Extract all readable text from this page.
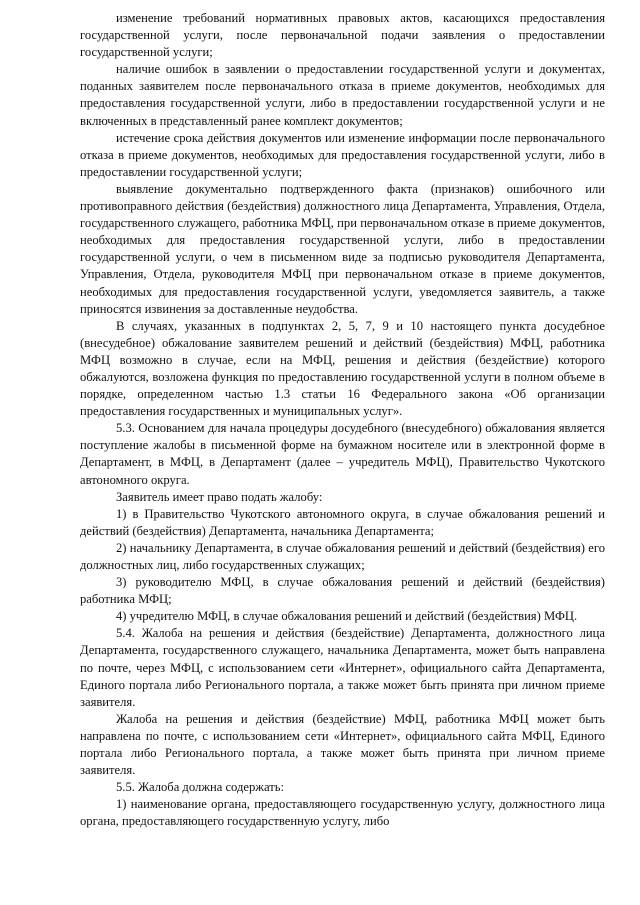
изменение требований нормативных правовых актов, касающихся предоставления государственной услуги, после первоначальной подачи заявления о предоставлении государственной услуги;

наличие ошибок в заявлении о предоставлении государственной услуги и документах, поданных заявителем после первоначального отказа в приеме документов, необходимых для предоставления государственной услуги, либо в предоставлении государственной услуги и не включенных в представленный ранее комплект документов;

истечение срока действия документов или изменение информации после первоначального отказа в приеме документов, необходимых для предоставления государственной услуги, либо в предоставлении государственной услуги;

выявление документально подтвержденного факта (признаков) ошибочного или противоправного действия (бездействия) должностного лица Департамента, Управления, Отдела, государственного служащего, работника МФЦ, при первоначальном отказе в приеме документов, необходимых для предоставления государственной услуги, либо в предоставлении государственной услуги, о чем в письменном виде за подписью руководителя Департамента, Управления, Отдела, руководителя МФЦ при первоначальном отказе в приеме документов, необходимых для предоставления государственной услуги, уведомляется заявитель, а также приносятся извинения за доставленные неудобства.

В случаях, указанных в подпунктах 2, 5, 7, 9 и 10 настоящего пункта досудебное (внесудебное) обжалование заявителем решений и действий (бездействия) МФЦ, работника МФЦ возможно в случае, если на МФЦ, решения и действия (бездействие) которого обжалуются, возложена функция по предоставлению государственной услуги в полном объеме в порядке, определенном частью 1.3 статьи 16 Федерального закона «Об организации предоставления государственных и муниципальных услуг».

5.3. Основанием для начала процедуры досудебного (внесудебного) обжалования является поступление жалобы в письменной форме на бумажном носителе или в электронной форме в Департамент, в МФЦ, в Департамент (далее – учредитель МФЦ), Правительство Чукотского автономного округа.

Заявитель имеет право подать жалобу:

1) в Правительство Чукотского автономного округа, в случае обжалования решений и действий (бездействия) Департамента, начальника Департамента;

2) начальнику Департамента, в случае обжалования решений и действий (бездействия) его должностных лиц, либо государственных служащих;

3) руководителю МФЦ, в случае обжалования решений и действий (бездействия) работника МФЦ;

4) учредителю МФЦ, в случае обжалования решений и действий (бездействия) МФЦ.

5.4. Жалоба на решения и действия (бездействие) Департамента, должностного лица Департамента, государственного служащего, начальника Департамента, может быть направлена по почте, через МФЦ, с использованием сети «Интернет», официального сайта Департамента, Единого портала либо Регионального портала, а также может быть принята при личном приеме заявителя.

Жалоба на решения и действия (бездействие) МФЦ, работника МФЦ может быть направлена по почте, с использованием сети «Интернет», официального сайта МФЦ, Единого портала либо Регионального портала, а также может быть принята при личном приеме заявителя.

5.5. Жалоба должна содержать:

1) наименование органа, предоставляющего государственную услугу, должностного лица органа, предоставляющего государственную услугу, либо
